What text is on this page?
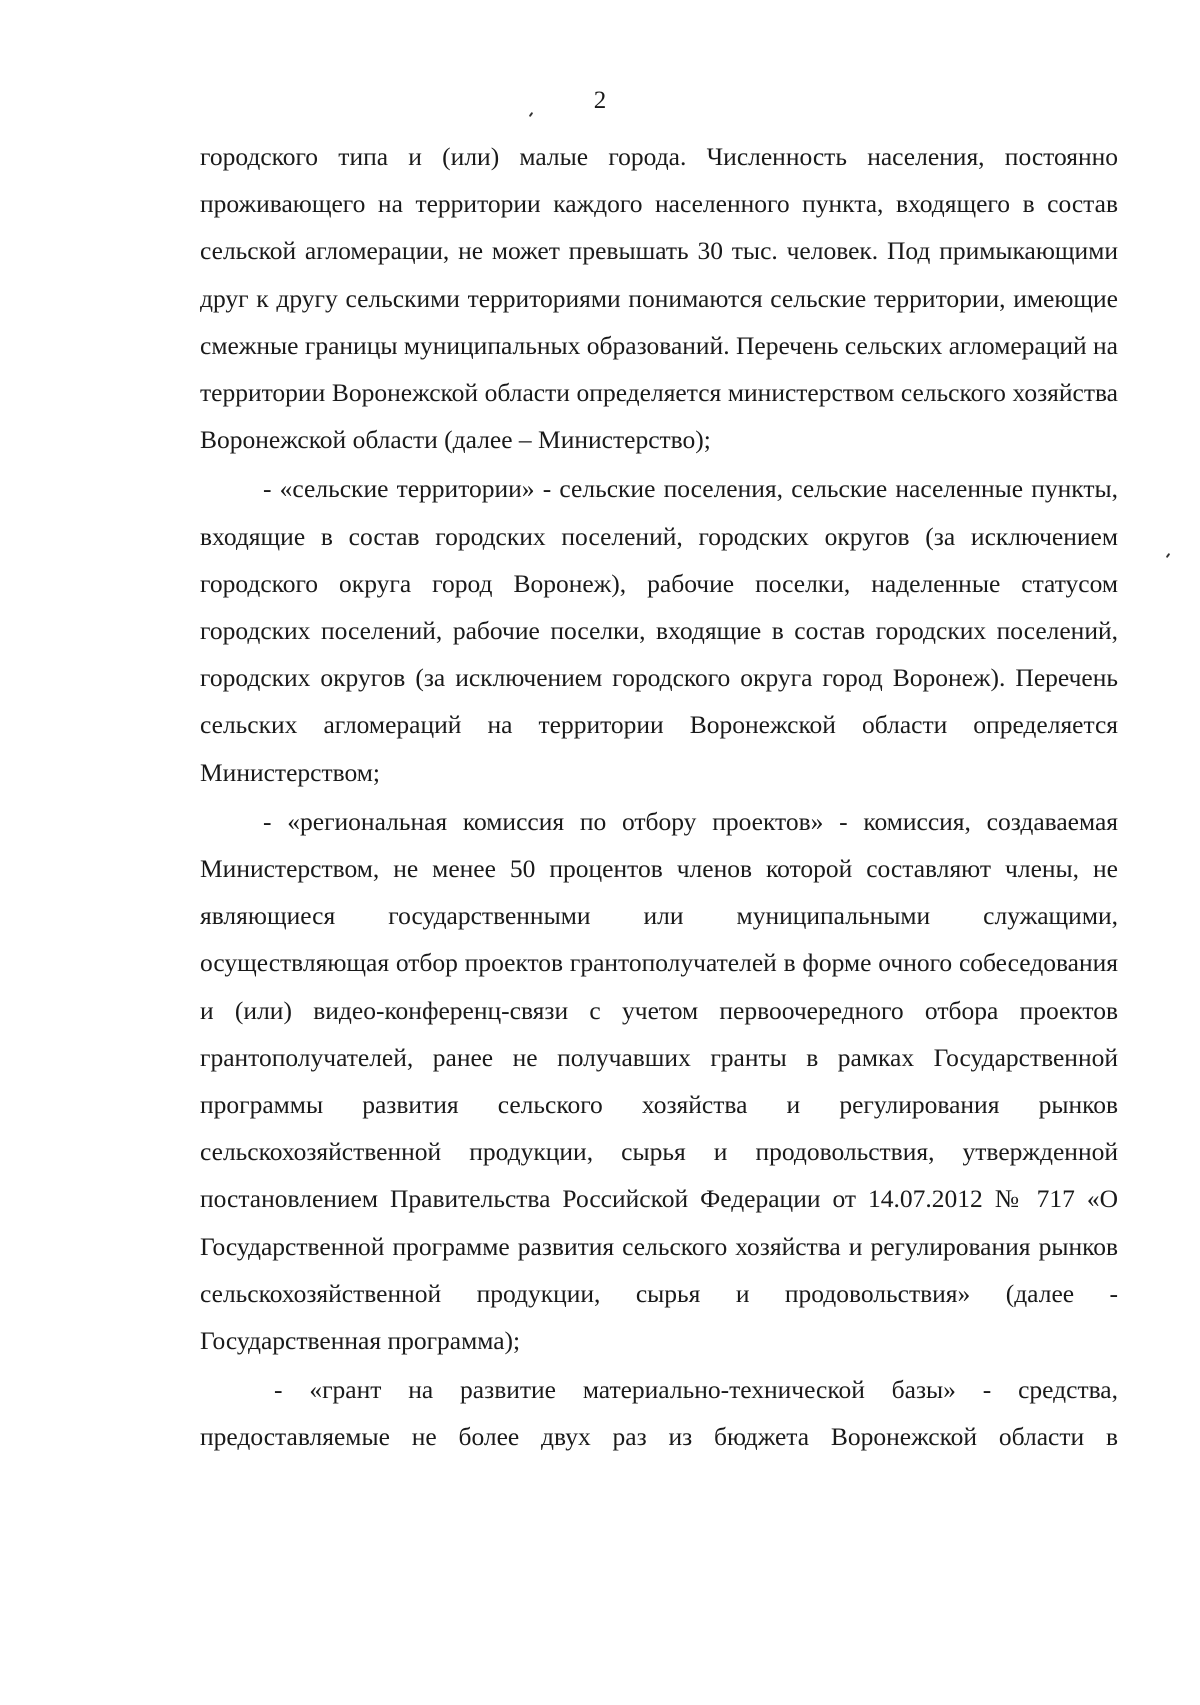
2

городского типа и (или) малые города. Численность населения, постоянно проживающего на территории каждого населенного пункта, входящего в состав сельской агломерации, не может превышать 30 тыс. человек. Под примыкающими друг к другу сельскими территориями понимаются сельские территории, имеющие смежные границы муниципальных образований. Перечень сельских агломераций на территории Воронежской области определяется министерством сельского хозяйства Воронежской области (далее – Министерство);

- «сельские территории» - сельские поселения, сельские населенные пункты, входящие в состав городских поселений, городских округов (за исключением городского округа город Воронеж), рабочие поселки, наделенные статусом городских поселений, рабочие поселки, входящие в состав городских поселений, городских округов (за исключением городского округа город Воронеж). Перечень сельских агломераций на территории Воронежской области определяется Министерством;

- «региональная комиссия по отбору проектов» - комиссия, создаваемая Министерством, не менее 50 процентов членов которой составляют члены, не являющиеся государственными или муниципальными служащими, осуществляющая отбор проектов грантополучателей в форме очного собеседования и (или) видео-конференц-связи с учетом первоочередного отбора проектов грантополучателей, ранее не получавших гранты в рамках Государственной программы развития сельского хозяйства и регулирования рынков сельскохозяйственной продукции, сырья и продовольствия, утвержденной постановлением Правительства Российской Федерации от 14.07.2012 № 717 «О Государственной программе развития сельского хозяйства и регулирования рынков сельскохозяйственной продукции, сырья и продовольствия» (далее - Государственная программа);

- «грант на развитие материально-технической базы» - средства, предоставляемые не более двух раз из бюджета Воронежской области в
